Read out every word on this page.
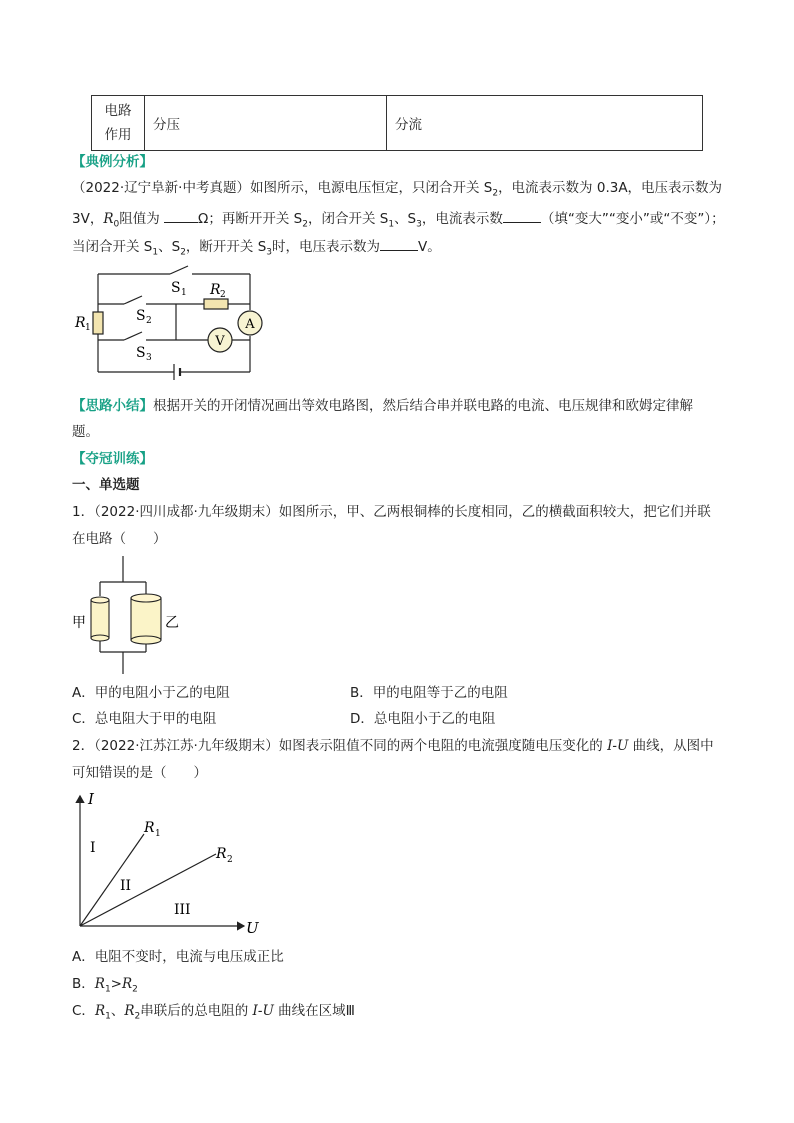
电路
作用	分压	分流
【典例分析】
（2022·辽宁阜新·中考真题）如图所示，电源电压恒定，只闭合开关 $S_2$，电流表示数为 0.3A，电压表示数为
3V，$R_0$阻值为	Ω；再断开开关 $S_2$，闭合开关 $S_1$、$S_3$，电流表示数	（填“变大”“变小”或“不变”）；
当闭合开关 $S_1$、$S_2$，断开开关 $S_3$时，电压表示数为	V。
A
V
S 1 R 2
S 2
S 3
R 1
【思路小结】根据开关的开闭情况画出等效电路图，然后结合串并联电路的电流、电压规律和欧姆定律解
题。
【夺冠训练】
一、单选题
1．（2022·四川成都·九年级期末）如图所示，甲、乙两根铜棒的长度相同，乙的横截面积较大，把它们并联
在电路（　　）
甲	乙
A．甲的电阻小于乙的电阻	B．甲的电阻等于乙的电阻
C．总电阻大于甲的电阻	D．总电阻小于乙的电阻
2．（2022·江苏江苏·九年级期末）如图表示阻值不同的两个电阻的电流强度随电压变化的 I-U 曲线，从图中
可知错误的是（　　）
I
U
R 1
R 2
I
II
III
A．电阻不变时，电流与电压成正比
B．$R_1>R_2$
C．$R_1$、$R_2$串联后的总电阻的 I-U 曲线在区域Ⅲ
